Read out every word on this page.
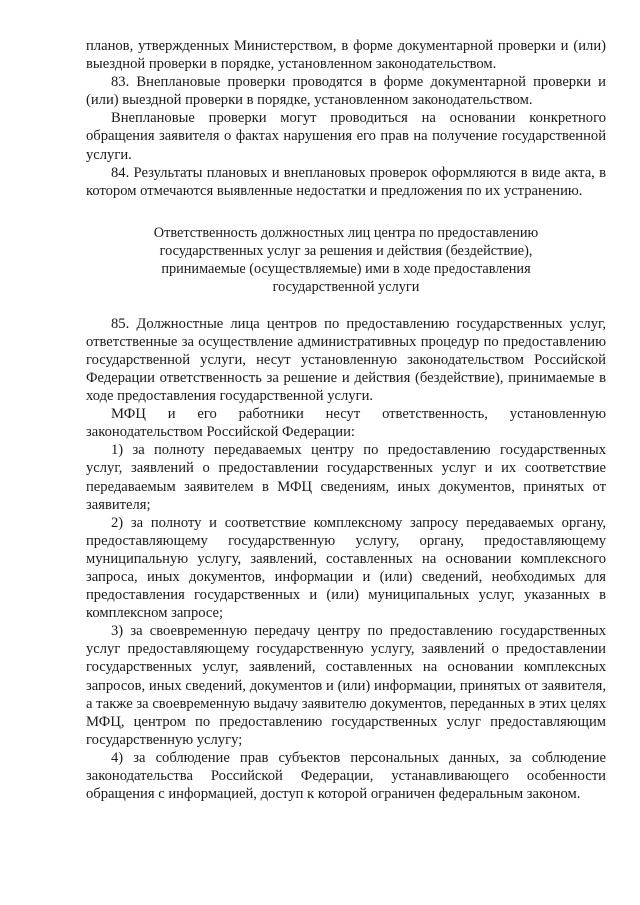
планов, утвержденных Министерством, в форме документарной проверки и (или) выездной проверки в порядке, установленном законодательством.

83. Внеплановые проверки проводятся в форме документарной проверки и (или) выездной проверки в порядке, установленном законодательством.

Внеплановые проверки могут проводиться на основании конкретного обращения заявителя о фактах нарушения его прав на получение государственной услуги.

84. Результаты плановых и внеплановых проверок оформляются в виде акта, в котором отмечаются выявленные недостатки и предложения по их устранению.

Ответственность должностных лиц центра по предоставлению
государственных услуг за решения и действия (бездействие),
принимаемые (осуществляемые) ими в ходе предоставления
государственной услуги

85. Должностные лица центров по предоставлению государственных услуг, ответственные за осуществление административных процедур по предоставлению государственной услуги, несут установленную законодательством Российской Федерации ответственность за решение и действия (бездействие), принимаемые в ходе предоставления государственной услуги.

МФЦ и его работники несут ответственность, установленную законодательством Российской Федерации:

1) за полноту передаваемых центру по предоставлению государственных услуг, заявлений о предоставлении государственных услуг и их соответствие передаваемым заявителем в МФЦ сведениям, иных документов, принятых от заявителя;

2) за полноту и соответствие комплексному запросу передаваемых органу, предоставляющему государственную услугу, органу, предоставляющему муниципальную услугу, заявлений, составленных на основании комплексного запроса, иных документов, информации и (или) сведений, необходимых для предоставления государственных и (или) муниципальных услуг, указанных в комплексном запросе;

3) за своевременную передачу центру по предоставлению государственных услуг предоставляющему государственную услугу, заявлений о предоставлении государственных услуг, заявлений, составленных на основании комплексных запросов, иных сведений, документов и (или) информации, принятых от заявителя, а также за своевременную выдачу заявителю документов, переданных в этих целях МФЦ, центром по предоставлению государственных услуг предоставляющим государственную услугу;

4) за соблюдение прав субъектов персональных данных, за соблюдение законодательства Российской Федерации, устанавливающего особенности обращения с информацией, доступ к которой ограничен федеральным законом.
